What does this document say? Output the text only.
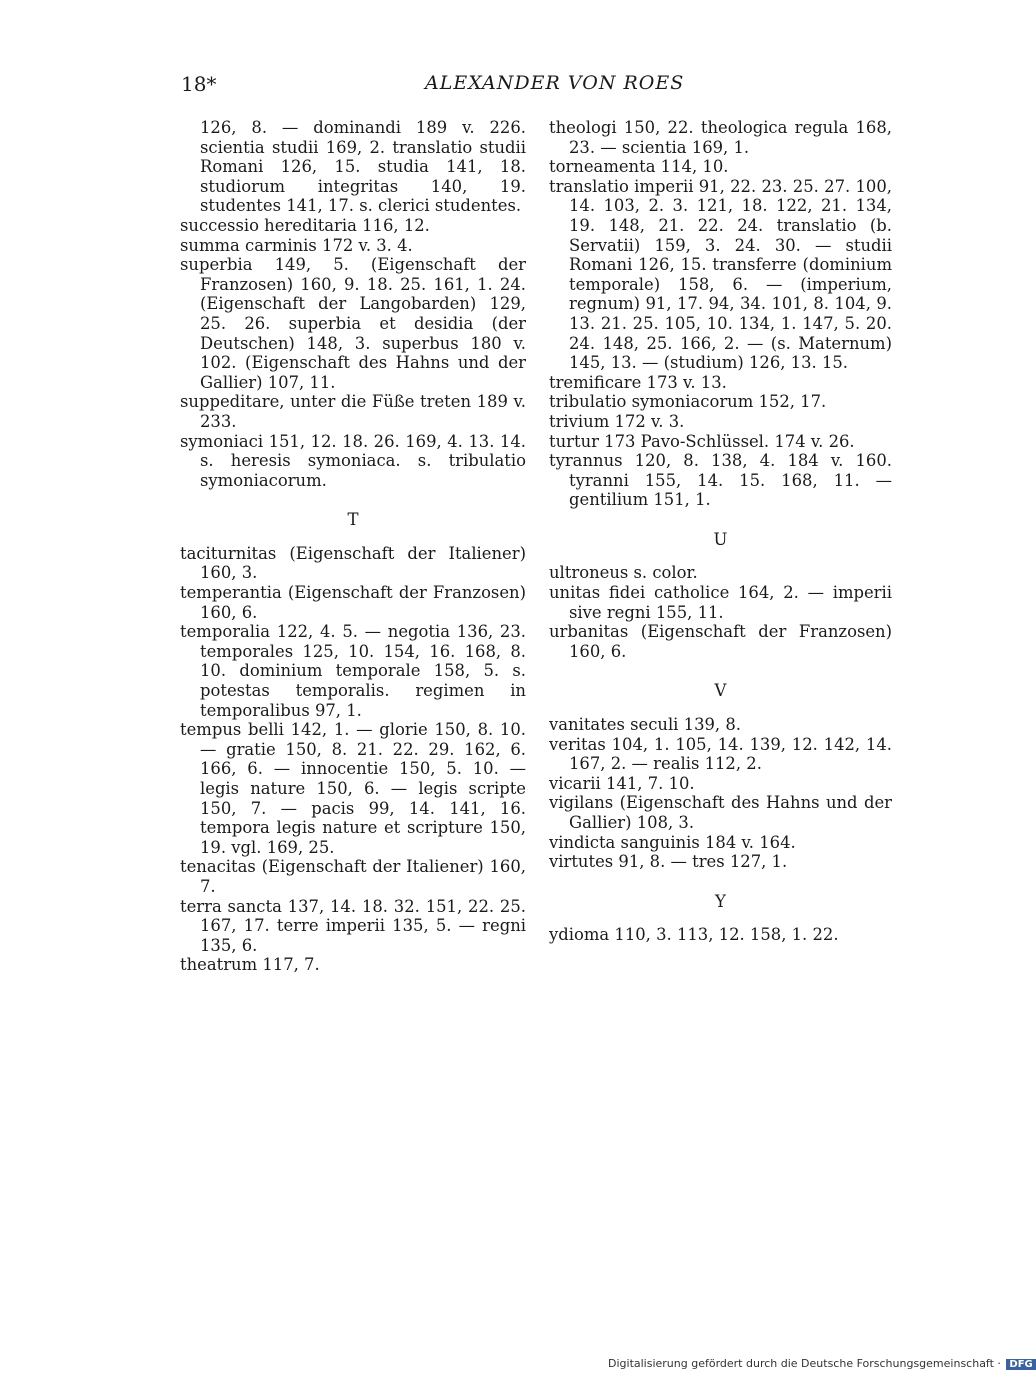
18*	ALEXANDER VON ROES
126, 8. — dominandi 189 v. 226. scientia studii 169, 2. translatio studii Romani 126, 15. studia 141, 18. studiorum integritas 140, 19. studentes 141, 17. s. clerici studentes.
successio hereditaria 116, 12.
summa carminis 172 v. 3. 4.
superbia 149, 5. (Eigenschaft der Franzosen) 160, 9. 18. 25. 161, 1. 24. (Eigenschaft der Langobarden) 129, 25. 26. superbia et desidia (der Deutschen) 148, 3. superbus 180 v. 102. (Eigenschaft des Hahns und der Gallier) 107, 11.
suppeditare, unter die Füße treten 189 v. 233.
symoniaci 151, 12. 18. 26. 169, 4. 13. 14. s. heresis symoniaca. s. tribulatio symoniacorum.
T
taciturnitas (Eigenschaft der Italiener) 160, 3.
temperantia (Eigenschaft der Franzosen) 160, 6.
temporalia 122, 4. 5. — negotia 136, 23. temporales 125, 10. 154, 16. 168, 8. 10. dominium temporale 158, 5. s. potestas temporalis. regimen in temporalibus 97, 1.
tempus belli 142, 1. — glorie 150, 8. 10. — gratie 150, 8. 21. 22. 29. 162, 6. 166, 6. — innocentie 150, 5. 10. — legis nature 150, 6. — legis scripte 150, 7. — pacis 99, 14. 141, 16. tempora legis nature et scripture 150, 19. vgl. 169, 25.
tenacitas (Eigenschaft der Italiener) 160, 7.
terra sancta 137, 14. 18. 32. 151, 22. 25. 167, 17. terre imperii 135, 5. — regni 135, 6.
theatrum 117, 7.
theologi 150, 22. theologica regula 168, 23. — scientia 169, 1.
torneamenta 114, 10.
translatio imperii 91, 22. 23. 25. 27. 100, 14. 103, 2. 3. 121, 18. 122, 21. 134, 19. 148, 21. 22. 24. translatio (b. Servatii) 159, 3. 24. 30. — studii Romani 126, 15. transferre (dominium temporale) 158, 6. — (imperium, regnum) 91, 17. 94, 34. 101, 8. 104, 9. 13. 21. 25. 105, 10. 134, 1. 147, 5. 20. 24. 148, 25. 166, 2. — (s. Maternum) 145, 13. — (studium) 126, 13. 15.
tremificare 173 v. 13.
tribulatio symoniacorum 152, 17.
trivium 172 v. 3.
turtur 173 Pavo-Schlüssel. 174 v. 26.
tyrannus 120, 8. 138, 4. 184 v. 160. tyranni 155, 14. 15. 168, 11. — gentilium 151, 1.
U
ultroneus s. color.
unitas fidei catholice 164, 2. — imperii sive regni 155, 11.
urbanitas (Eigenschaft der Franzosen) 160, 6.
V
vanitates seculi 139, 8.
veritas 104, 1. 105, 14. 139, 12. 142, 14. 167, 2. — realis 112, 2.
vicarii 141, 7. 10.
vigilans (Eigenschaft des Hahns und der Gallier) 108, 3.
vindicta sanguinis 184 v. 164.
virtutes 91, 8. — tres 127, 1.
Y
ydioma 110, 3. 113, 12. 158, 1. 22.
Digitalisierung gefördert durch die Deutsche Forschungsgemeinschaft · DFG
